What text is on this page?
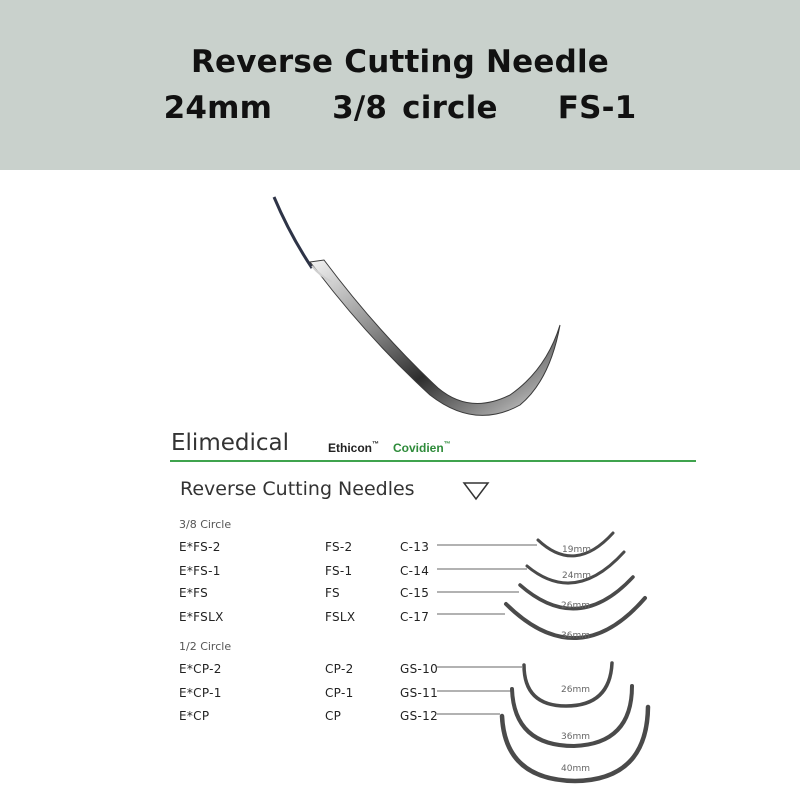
Reverse Cutting Needle
24mm 3/8 circle FS-1
Elimedical	Ethicon™ Covidien™
Reverse Cutting Needles
3/8 Circle
E*FS-2	FS-2	C-13
E*FS-1	FS-1	C-14
E*FS	FS	C-15
E*FSLX	FSLX	C-17
1/2 Circle
E*CP-2	CP-2	GS-10
E*CP-1	CP-1	GS-11
E*CP	CP	GS-12
19mm
24mm
26mm
36mm
26mm
36mm
40mm
